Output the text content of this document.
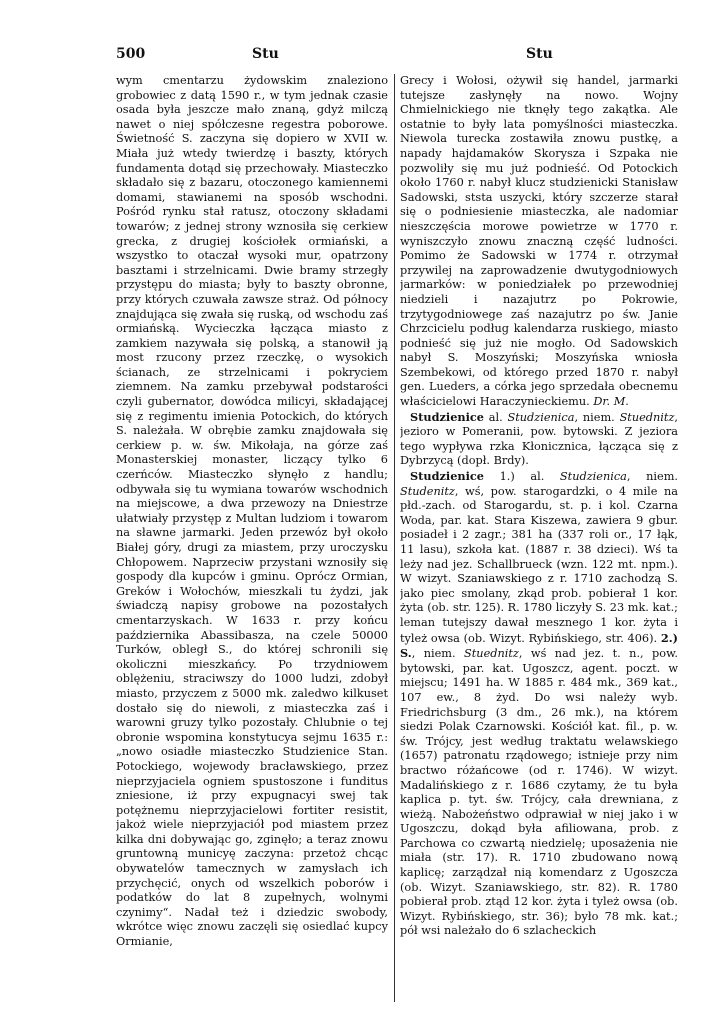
500	Stu	Stu

wym cmentarzu żydowskim znaleziono grobowiec z datą 1590 r., w tym jednak czasie osada była jeszcze mało znaną, gdyż milczą nawet o niej spółczesne regestra poborowe. Świetność S. zaczyna się dopiero w XVII w. Miała już wtedy twierdzę i baszty, których fundamenta dotąd się przechowały. Miasteczko składało się z bazaru, otoczonego kamiennemi domami, stawianemi na sposób wschodni. Pośród rynku stał ratusz, otoczony składami towarów; z jednej strony wznosiła się cerkiew grecka, z drugiej kościołek ormiański, a wszystko to otaczał wysoki mur, opatrzony basztami i strzelnicami. Dwie bramy strzegły przystępu do miasta; były to baszty obronne, przy których czuwała zawsze straż. Od północy znajdująca się zwała się ruską, od wschodu zaś ormiańską. Wycieczka łącząca miasto z zamkiem nazywała się polską, a stanowił ją most rzucony przez rzeczkę, o wysokich ścianach, ze strzelnicami i pokryciem ziemnem. Na zamku przebywał podstarości czyli gubernator, dowódca milicyi, składającej się z regimentu imienia Potockich, do których S. należała. W obrębie zamku znajdowała się cerkiew p. w. św. Mikołaja, na górze zaś Monasterskiej monaster, liczący tylko 6 czerńców. Miasteczko słynęło z handlu; odbywała się tu wymiana towarów wschodnich na miejscowe, a dwa przewozy na Dniestrze ułatwiały przystęp z Multan ludziom i towarom na sławne jarmarki. Jeden przewóz był około Białej góry, drugi za miastem, przy uroczysku Chłopowem. Naprzeciw przystani wznosiły się gospody dla kupców i gminu. Oprócz Ormian, Greków i Wołochów, mieszkali tu żydzi, jak świadczą napisy grobowe na pozostałych cmentarzyskach. W 1633 r. przy końcu października Abassibasza, na czele 50000 Turków, obległ S., do której schronili się okoliczni mieszkańcy. Po trzydniowem oblężeniu, straciwszy do 1000 ludzi, zdobył miasto, przyczem z 5000 mk. zaledwo kilkuset dostało się do niewoli, z miasteczka zaś i warowni gruzy tylko pozostały. Chlubnie o tej obronie wspomina konstytucya sejmu 1635 r.: „nowo osiadłe miasteczko Studzienice Stan. Potockiego, wojewody bracławskiego, przez nieprzyjaciela ogniem spustoszone i funditus zniesione, iż przy expugnacyi swej tak potężnemu nieprzyjacielowi fortiter resistit, jakoż wiele nieprzyjaciół pod miastem przez kilka dni dobywając go, zginęło; a teraz znowu gruntowną municyę zaczyna: przetoż chcąc obywatelów tamecznych w zamysłach ich przychęcić, onych od wszelkich poborów i podatków do lat 8 zupełnych, wolnymi czynimy“. Nadał też i dziedzic swobody, wkrótce więc znowu zaczęli się osiedlać kupcy Ormianie,

Grecy i Wołosi, ożywił się handel, jarmarki tutejsze zasłynęły na nowo. Wojny Chmielnickiego nie tknęły tego zakątka. Ale ostatnie to były lata pomyślności miasteczka. Niewola turecka zostawiła znowu pustkę, a napady hajdamaków Skoryszа i Szpaka nie pozwoliły się mu już podnieść. Od Potockich około 1760 r. nabył klucz studzienicki Stanisław Sadowski, ststa uszycki, który szczerze starał się o podniesienie miasteczka, ale nadomiar nieszczęścia morowe powietrze w 1770 r. wyniszczyło znowu znaczną część ludności. Pomimo że Sadowski w 1774 r. otrzymał przywilej na zaprowadzenie dwutygodniowych jarmarków: w poniedziałek po przewodniej niedzieli i nazajutrz po Pokrowie, trzytygodniowege zaś nazajutrz po św. Janie Chrzcicielu podług kalendarza ruskiego, miasto podnieść się już nie mogło. Od Sadowskich nabył S. Moszyński; Moszyńska wniosła Szembekowi, od którego przed 1870 r. nabył gen. Lueders, a córka jego sprzedała obecnemu właścicielowi Haraczynieckiemu. Dr. M.

Studzienice al. Studzienica, niem. Stuednitz, jezioro w Pomeranii, pow. bytowski. Z jeziora tego wypływa rzka Kłonicznica, łącząca się z Dybrzycą (dopł. Brdy).

Studzienice 1.) al. Studzienica, niem. Studenitz, wś, pow. starogardzki, o 4 mile na płd.-zach. od Starogardu, st. p. i kol. Czarna Woda, par. kat. Stara Kiszewa, zawiera 9 gbur. posiadeł i 2 zagr.; 381 ha (337 roli or., 17 łąk, 11 lasu), szkoła kat. (1887 r. 38 dzieci). Wś ta leży nad jez. Schallbrueck (wzn. 122 mt. npm.). W wizyt. Szaniawskiego z r. 1710 zachodzą S. jako piec smolany, zkąd prob. pobierał 1 kor. żyta (ob. str. 125). R. 1780 liczyły S. 23 mk. kat.; leman tutejszy dawał mesznego 1 kor. żyta i tyleż owsa (ob. Wizyt. Rybińskiego, str. 406). 2.) S., niem. Stuednitz, wś nad jez. t. n., pow. bytowski, par. kat. Ugoszcz, agent. poczt. w miejscu; 1491 ha. W 1885 r. 484 mk., 369 kat., 107 ew., 8 żyd. Do wsi należy wyb. Friedrichsburg (3 dm., 26 mk.), na którem siedzi Polak Czarnowski. Kościół kat. fil., p. w. św. Trójcy, jest według traktatu welawskiego (1657) patronatu rządowego; istnieje przy nim bractwo różańcowe (od r. 1746). W wizyt. Madalińskiego z r. 1686 czytamy, że tu była kaplica p. tyt. św. Trójcy, cała drewniana, z wieżą. Nabożeństwo odprawiał w niej jako i w Ugoszczu, dokąd była afiliowana, prob. z Parchowa co czwartą niedzielę; uposażenia nie miała (str. 17). R. 1710 zbudowano nową kaplicę; zarządzał nią komendarz z Ugoszcza (ob. Wizyt. Szaniawskiego, str. 82). R. 1780 pobierał prob. ztąd 12 kor. żyta i tyleż owsa (ob. Wizyt. Rybińskiego, str. 36); było 78 mk. kat.; pół wsi należało do 6 szlacheckich
